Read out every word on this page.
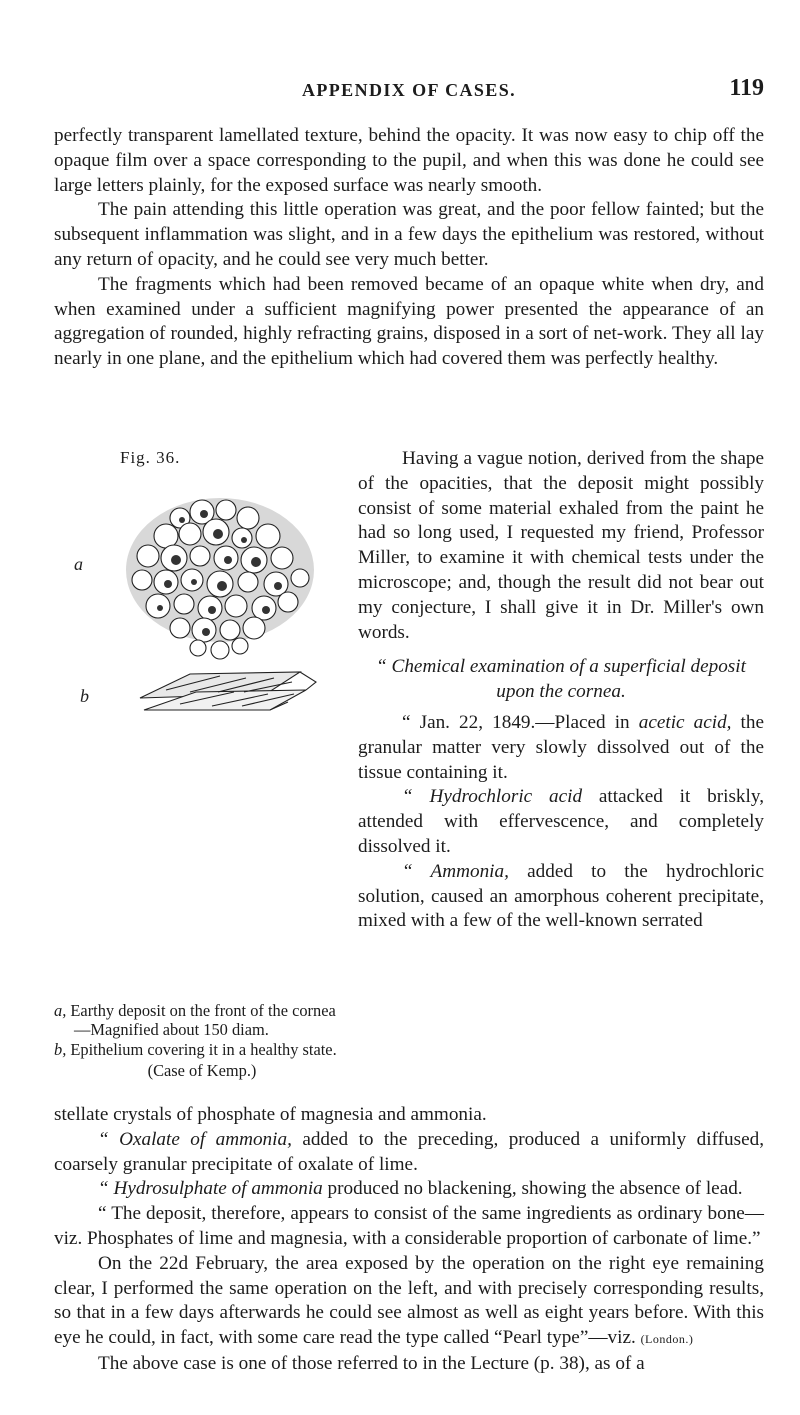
APPENDIX OF CASES.	119

perfectly transparent lamellated texture, behind the opacity. It was now easy to chip off the opaque film over a space corresponding to the pupil, and when this was done he could see large letters plainly, for the exposed surface was nearly smooth.

The pain attending this little operation was great, and the poor fellow fainted; but the subsequent inflammation was slight, and in a few days the epithelium was restored, without any return of opacity, and he could see very much better.

The fragments which had been removed became of an opaque white when dry, and when examined under a sufficient magnifying power presented the appearance of an aggregation of rounded, highly refracting grains, disposed in a sort of net-work. They all lay nearly in one plane, and the epithelium which had covered them was perfectly healthy.

Fig. 36.
a
b

a, Earthy deposit on the front of the cornea—Magnified about 150 diam.

b, Epithelium covering it in a healthy state.

(Case of Kemp.)

Having a vague notion, derived from the shape of the opacities, that the deposit might possibly consist of some material exhaled from the paint he had so long used, I requested my friend, Professor Miller, to examine it with chemical tests under the microscope; and, though the result did not bear out my conjecture, I shall give it in Dr. Miller's own words.

“ Chemical examination of a superficial deposit upon the cornea.

“ Jan. 22, 1849.—Placed in acetic acid, the granular matter very slowly dissolved out of the tissue containing it.

“ Hydrochloric acid attacked it briskly, attended with effervescence, and completely dissolved it.

“ Ammonia, added to the hydrochloric solution, caused an amorphous coherent precipitate, mixed with a few of the well-known serrated

stellate crystals of phosphate of magnesia and ammonia.

“ Oxalate of ammonia, added to the preceding, produced a uniformly diffused, coarsely granular precipitate of oxalate of lime.

“ Hydrosulphate of ammonia produced no blackening, showing the absence of lead.

“ The deposit, therefore, appears to consist of the same ingredients as ordinary bone—viz. Phosphates of lime and magnesia, with a considerable proportion of carbonate of lime.”

On the 22d February, the area exposed by the operation on the right eye remaining clear, I performed the same operation on the left, and with precisely corresponding results, so that in a few days afterwards he could see almost as well as eight years before. With this eye he could, in fact, with some care read the type called “Pearl type”—viz. (London.)

The above case is one of those referred to in the Lecture (p. 38), as of a
